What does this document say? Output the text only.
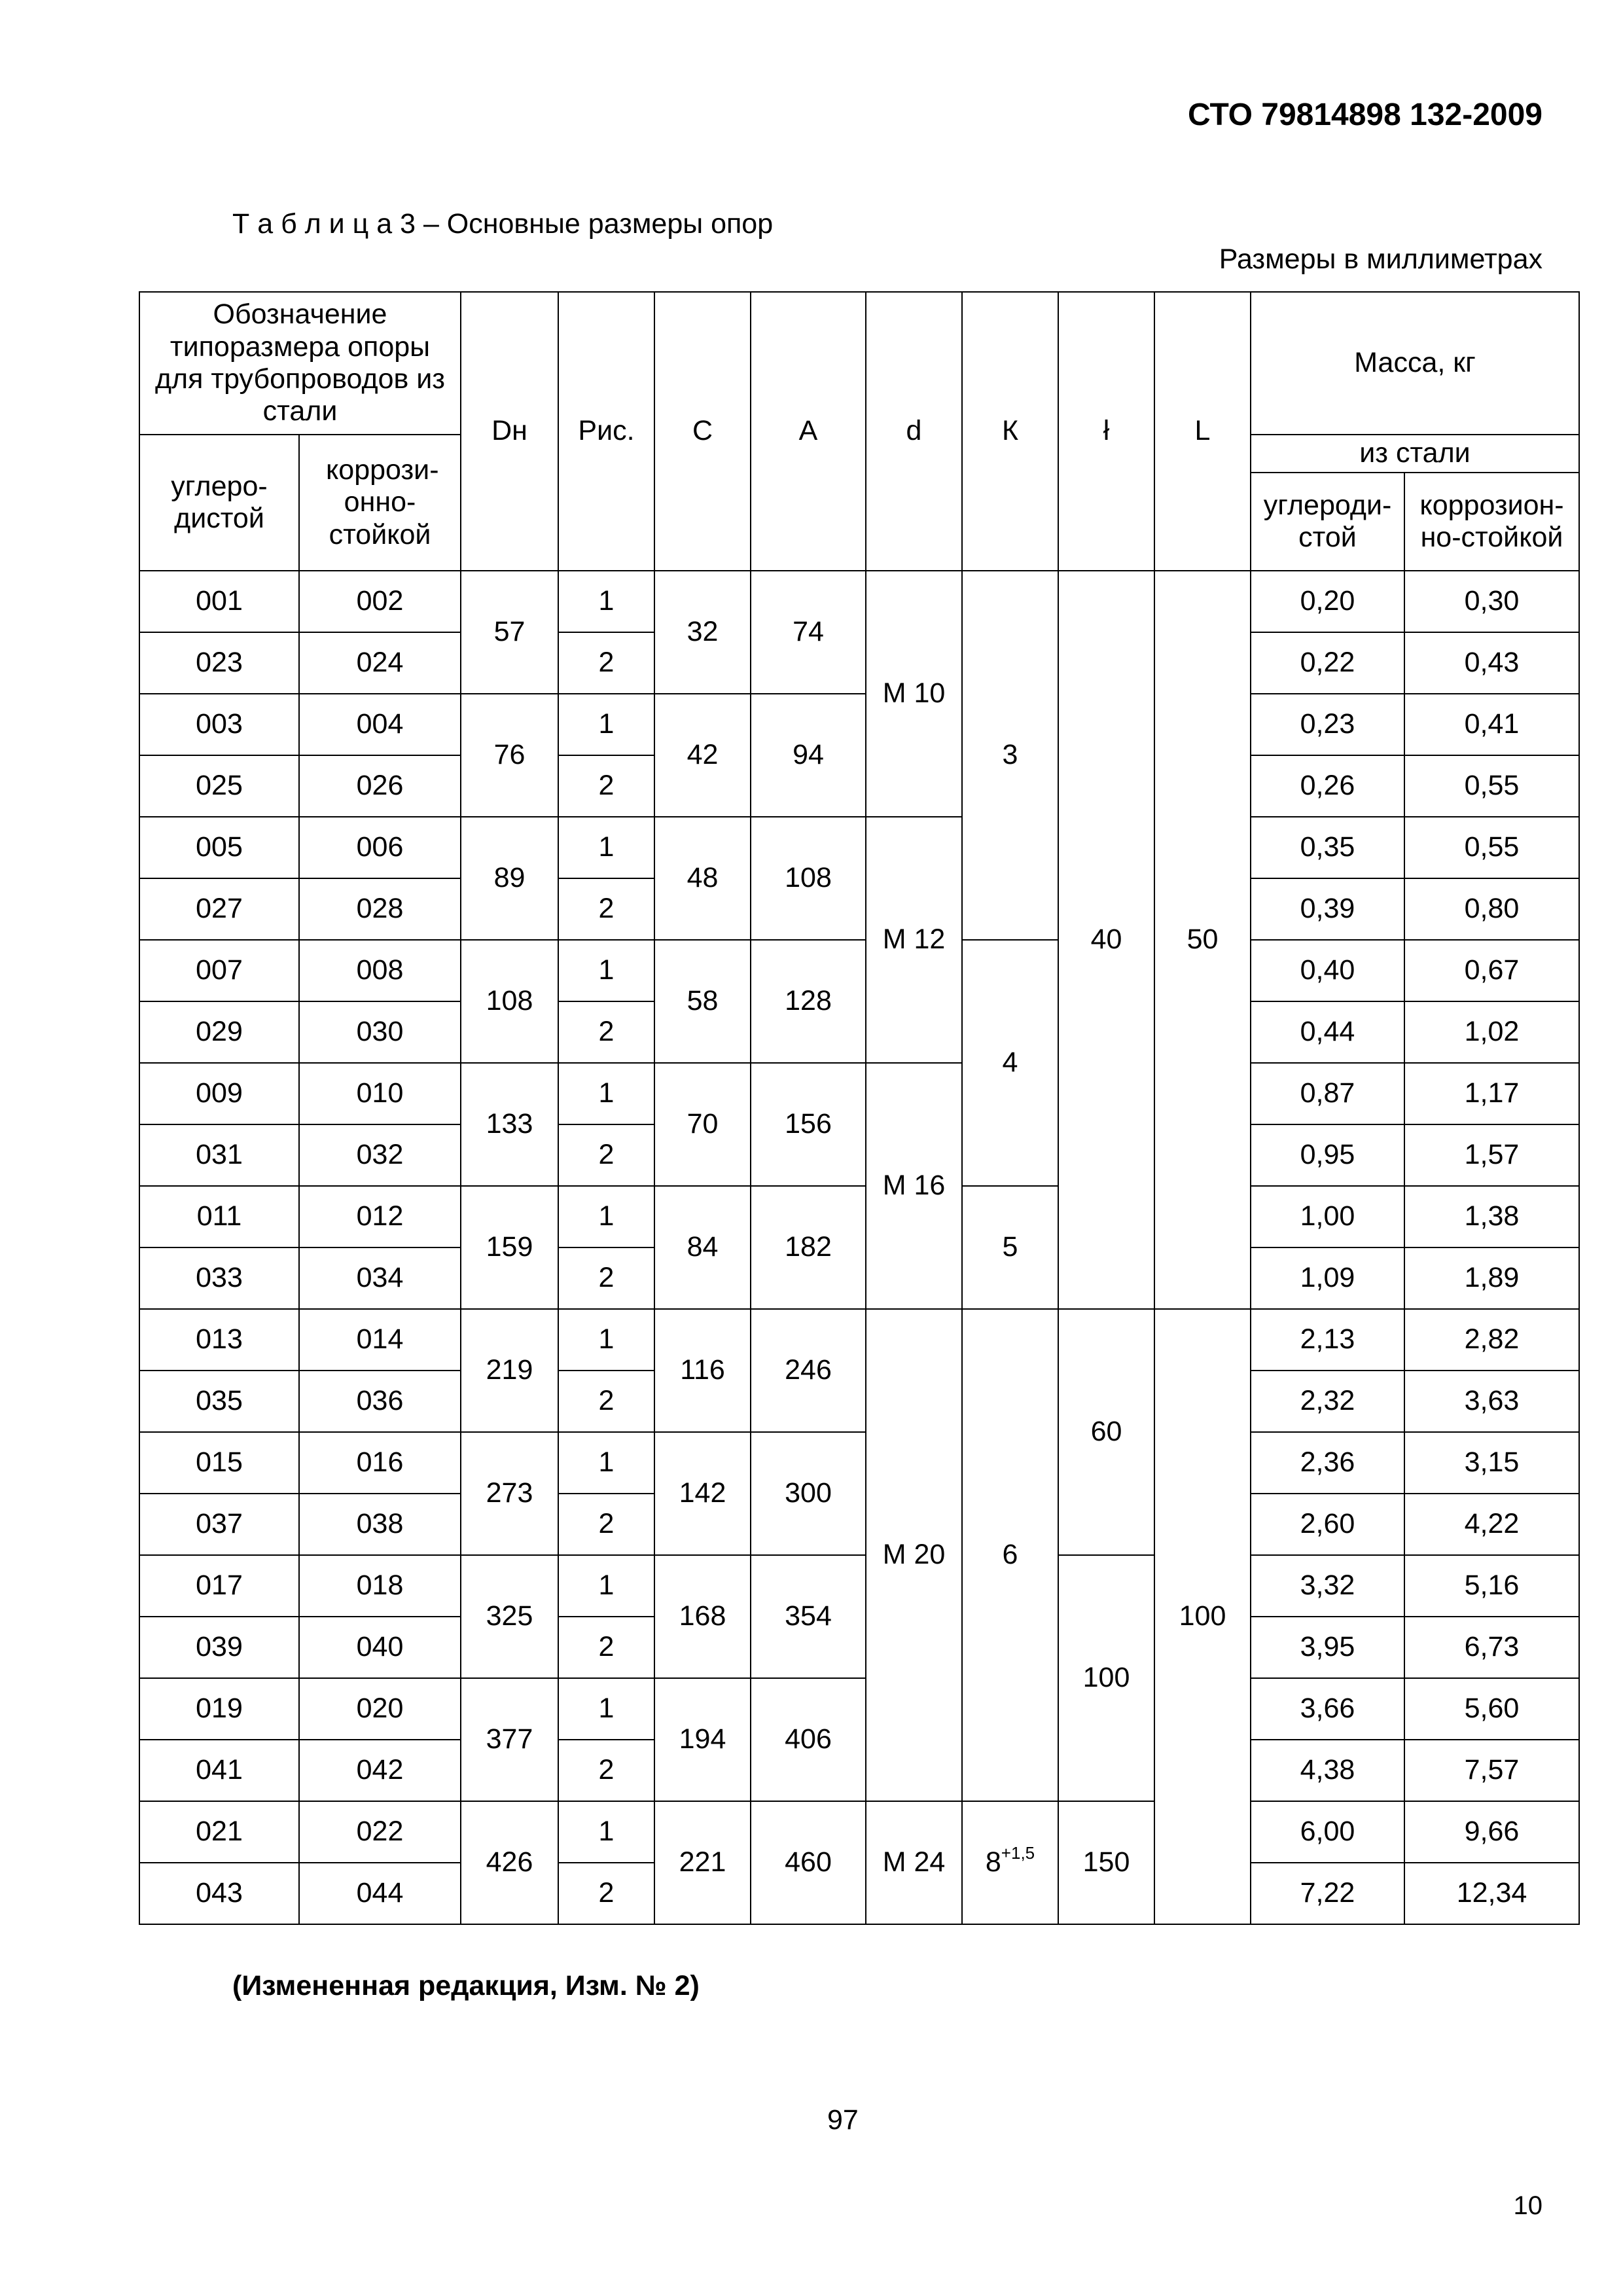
СТО 79814898 132-2009
Т а б л и ц а 3 – Основные размеры опор
Размеры в миллиметрах
Обозначение типоразмера опоры для трубопроводов из стали		Dн	Рис.	С	А	d	К	ł	L	Масса, кг	
углеро-дистой	коррози-онно-стойкой									из стали	
										углероди-стой	коррозион-но-стойкой
001	002	57	1	32	74	М 10	3	40	50	0,20	0,30
023	024		2							0,22	0,43
003	004	76	1	42	94					0,23	0,41
025	026		2							0,26	0,55
005	006	89	1	48	108	М 12				0,35	0,55
027	028		2							0,39	0,80
007	008	108	1	58	128		4			0,40	0,67
029	030		2							0,44	1,02
009	010	133	1	70	156	М 16				0,87	1,17
031	032		2							0,95	1,57
011	012	159	1	84	182		5			1,00	1,38
033	034		2							1,09	1,89
013	014	219	1	116	246	М 20	6	60	100	2,13	2,82
035	036		2							2,32	3,63
015	016	273	1	142	300					2,36	3,15
037	038		2							2,60	4,22
017	018	325	1	168	354			100		3,32	5,16
039	040		2							3,95	6,73
019	020	377	1	194	406					3,66	5,60
041	042		2							4,38	7,57
021	022	426	1	221	460	М 24	$8^{+1,5}$	150		6,00	9,66
043	044		2							7,22	12,34
(Измененная редакция, Изм. № 2)
97
10
